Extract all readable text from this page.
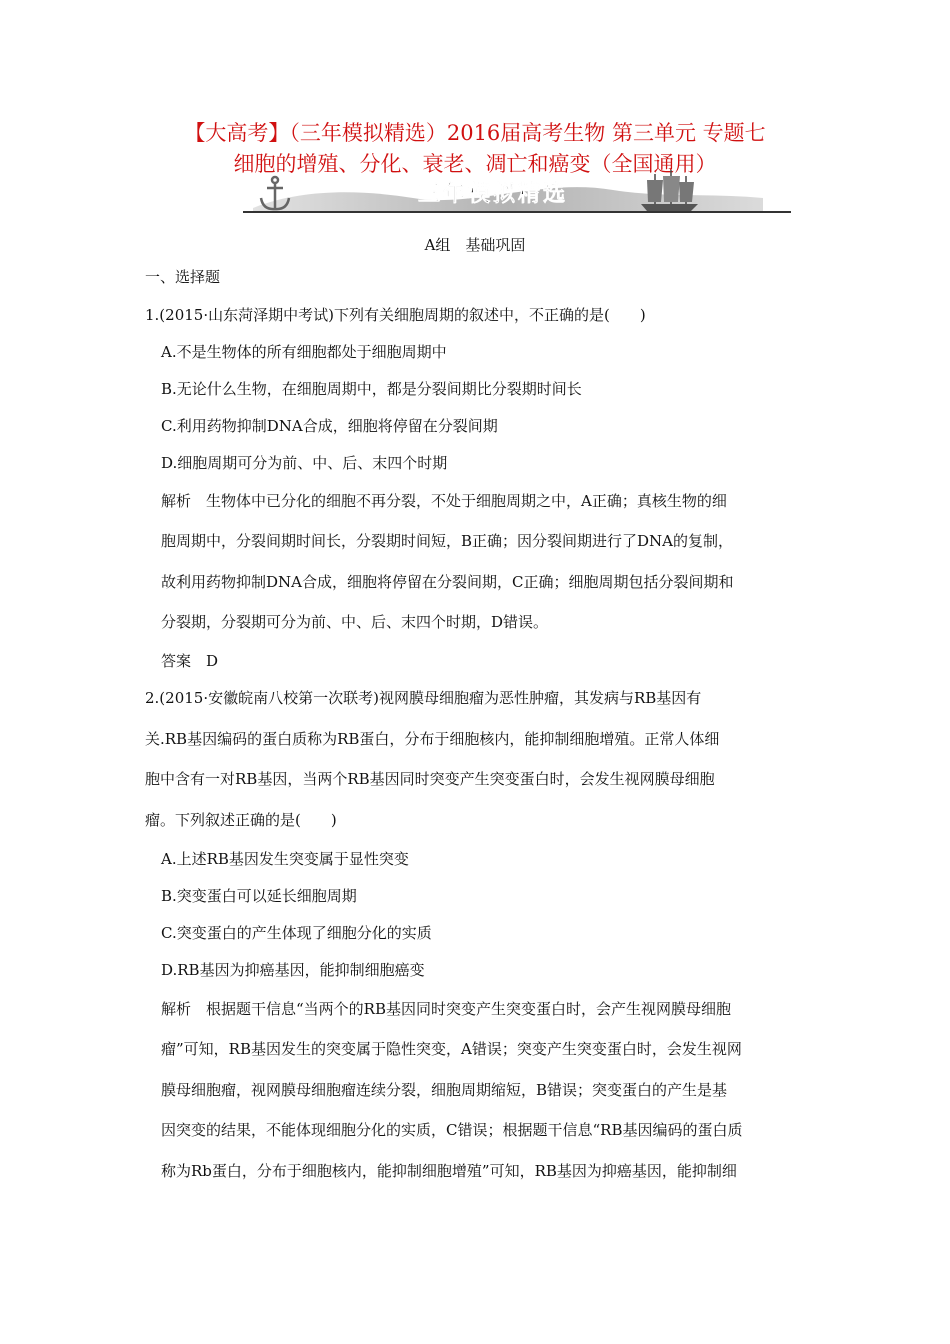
【大高考】（三年模拟精选）2016届高考生物 第三单元 专题七
细胞的增殖、分化、衰老、凋亡和癌变（全国通用）
三年模拟精选
A组　基础巩固
一、选择题
1.(2015·山东菏泽期中考试)下列有关细胞周期的叙述中，不正确的是(　　)
A.不是生物体的所有细胞都处于细胞周期中
B.无论什么生物，在细胞周期中，都是分裂间期比分裂期时间长
C.利用药物抑制DNA合成，细胞将停留在分裂间期
D.细胞周期可分为前、中、后、末四个时期
解析　生物体中已分化的细胞不再分裂，不处于细胞周期之中，A正确；真核生物的细
胞周期中，分裂间期时间长，分裂期时间短，B正确；因分裂间期进行了DNA的复制，
故利用药物抑制DNA合成，细胞将停留在分裂间期，C正确；细胞周期包括分裂间期和
分裂期，分裂期可分为前、中、后、末四个时期，D错误。
答案　D
2.(2015·安徽皖南八校第一次联考)视网膜母细胞瘤为恶性肿瘤，其发病与RB基因有
关.RB基因编码的蛋白质称为RB蛋白，分布于细胞核内，能抑制细胞增殖。正常人体细
胞中含有一对RB基因，当两个RB基因同时突变产生突变蛋白时，会发生视网膜母细胞
瘤。下列叙述正确的是(　　)
A.上述RB基因发生突变属于显性突变
B.突变蛋白可以延长细胞周期
C.突变蛋白的产生体现了细胞分化的实质
D.RB基因为抑癌基因，能抑制细胞癌变
解析　根据题干信息“当两个的RB基因同时突变产生突变蛋白时，会产生视网膜母细胞
瘤”可知，RB基因发生的突变属于隐性突变，A错误；突变产生突变蛋白时，会发生视网
膜母细胞瘤，视网膜母细胞瘤连续分裂，细胞周期缩短，B错误；突变蛋白的产生是基
因突变的结果，不能体现细胞分化的实质，C错误；根据题干信息“RB基因编码的蛋白质
称为Rb蛋白，分布于细胞核内，能抑制细胞增殖”可知，RB基因为抑癌基因，能抑制细
